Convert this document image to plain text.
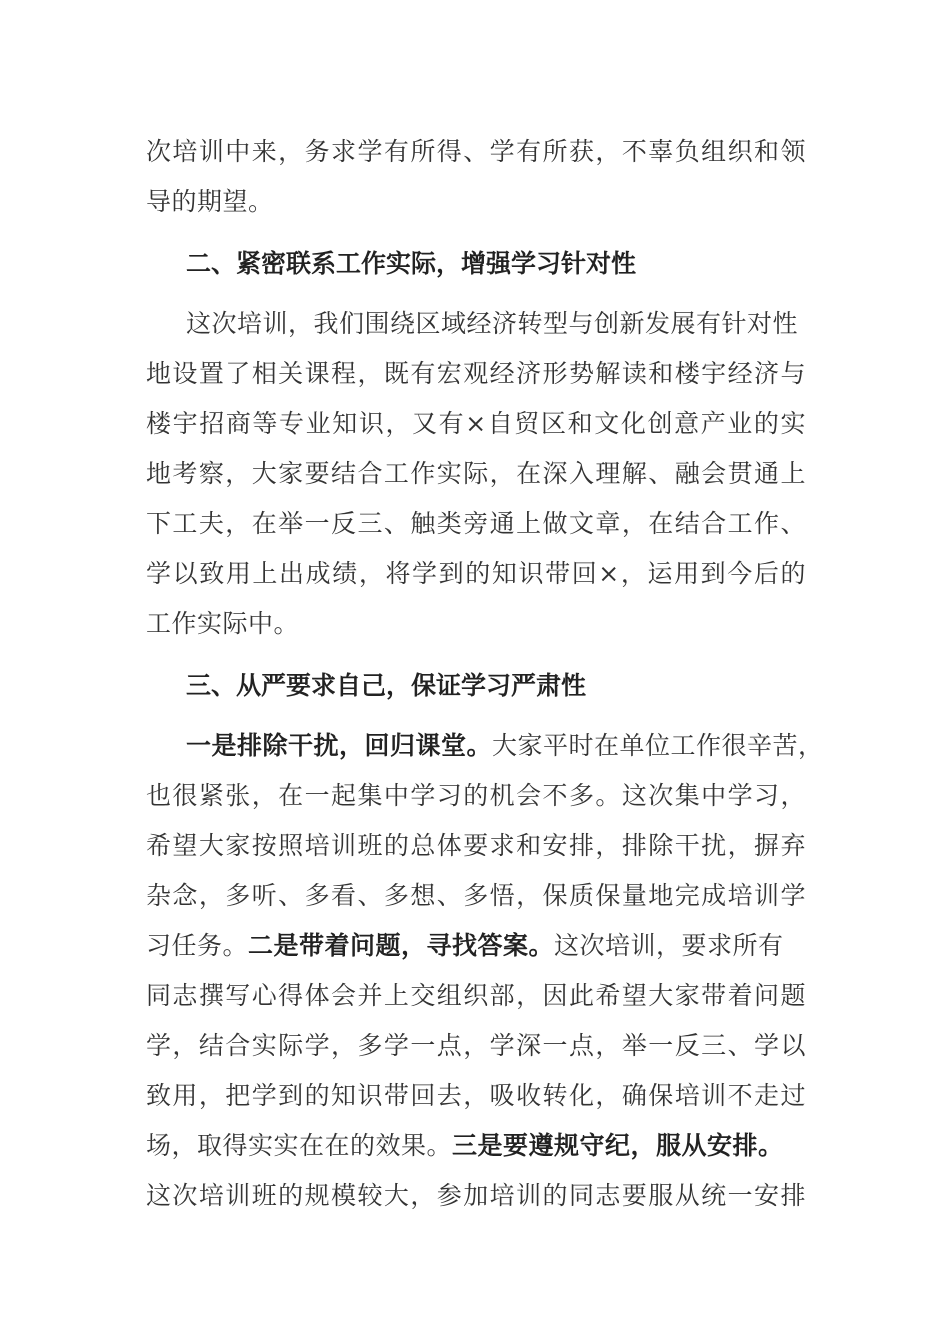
次培训中来，务求学有所得、学有所获，不辜负组织和领
导的期望。
二、紧密联系工作实际，增强学习针对性
这次培训，我们围绕区域经济转型与创新发展有针对性
地设置了相关课程，既有宏观经济形势解读和楼宇经济与
楼宇招商等专业知识，又有×自贸区和文化创意产业的实
地考察，大家要结合工作实际，在深入理解、融会贯通上
下工夫，在举一反三、触类旁通上做文章，在结合工作、
学以致用上出成绩，将学到的知识带回×，运用到今后的
工作实际中。
三、从严要求自己，保证学习严肃性
一是排除干扰，回归课堂。大家平时在单位工作很辛苦，
也很紧张，在一起集中学习的机会不多。这次集中学习，
希望大家按照培训班的总体要求和安排，排除干扰，摒弃
杂念，多听、多看、多想、多悟，保质保量地完成培训学
习任务。二是带着问题，寻找答案。这次培训，要求所有
同志撰写心得体会并上交组织部，因此希望大家带着问题
学，结合实际学，多学一点，学深一点，举一反三、学以
致用，把学到的知识带回去，吸收转化，确保培训不走过
场，取得实实在在的效果。三是要遵规守纪，服从安排。
这次培训班的规模较大，参加培训的同志要服从统一安排
